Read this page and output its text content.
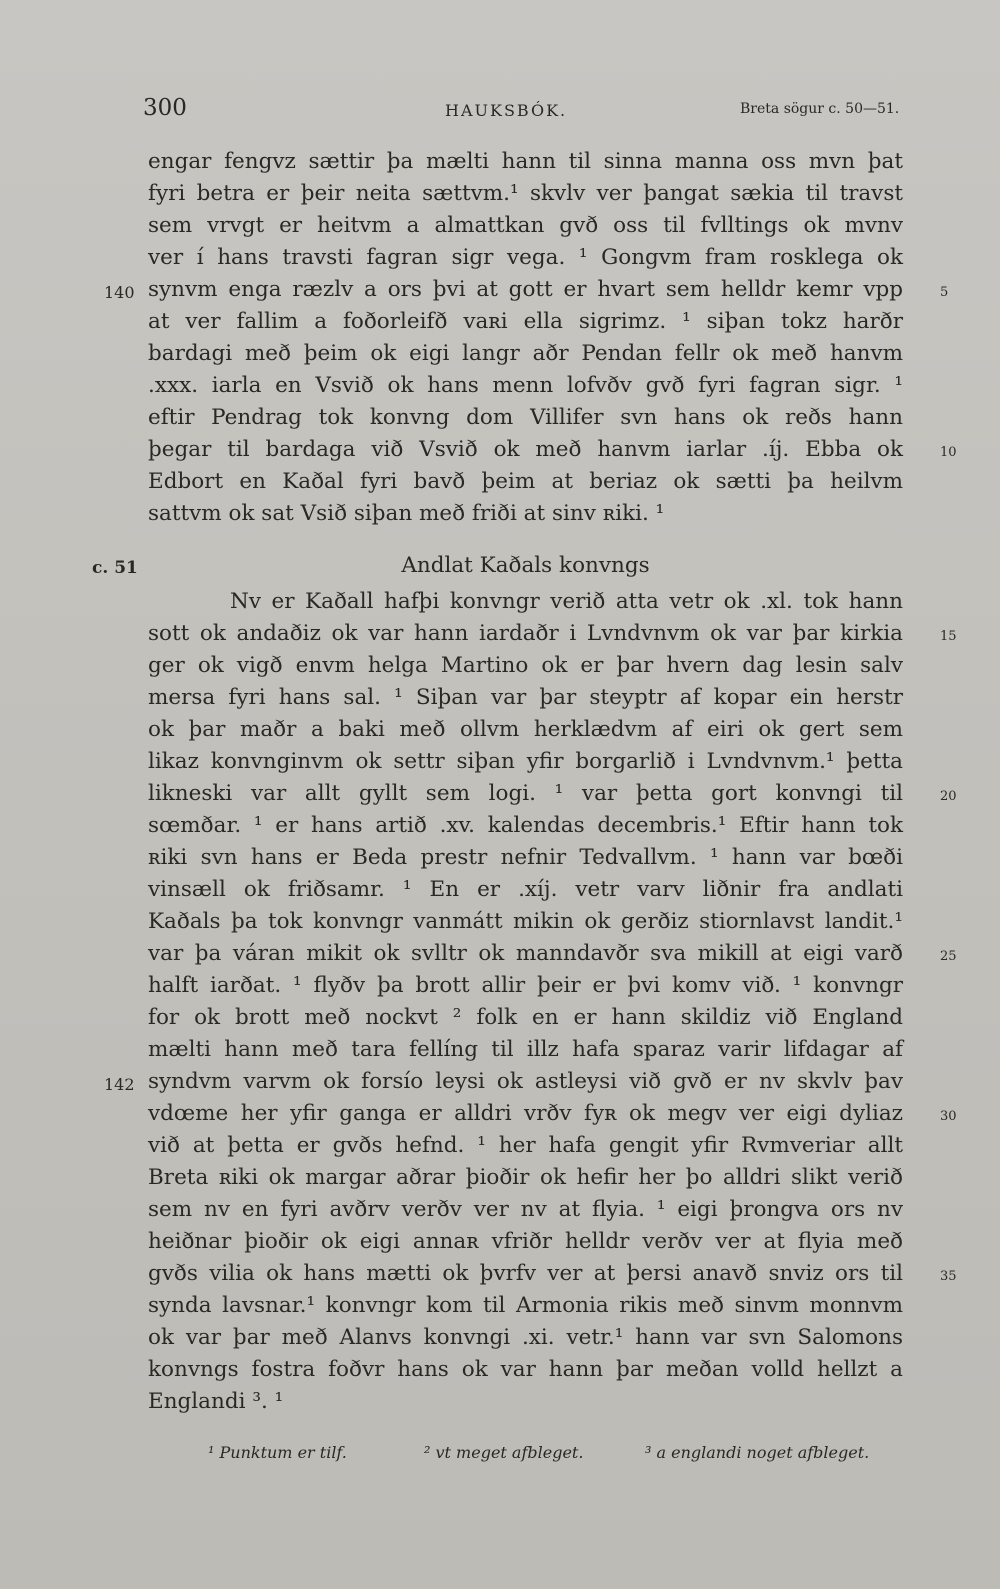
300	HAUKSBÓK.	Breta sögur c. 50—51.
engar fengvz sættir þa mælti hann til sinna manna oss mvn þat
fyri betra er þeir neita sættvm.¹ skvlv ver þangat sækia til travst
sem vrvgt er heitvm a almattkan gvð oss til fvlltings ok mvnv
ver í hans travsti fagran sigr vega. ¹ Gongvm fram rosklega ok
synvm enga ræzlv a ors þvi at gott er hvart sem helldr kemr vpp
at ver fallim a foðorleifð vaʀi ella sigrimz. ¹ siþan tokz harðr
bardagi með þeim ok eigi langr aðr Pendan fellr ok með hanvm
.xxx. iarla en Vsvið ok hans menn lofvðv gvð fyri fagran sigr. ¹
eftir Pendrag tok konvng dom Villifer svn hans ok reðs hann
þegar til bardaga við Vsvið ok með hanvm iarlar .íj. Ebba ok
Edbort en Kaðal fyri bavð þeim at beriaz ok sætti þa heilvm
sattvm ok sat Vsið siþan með friði at sinv ʀiki. ¹
c. 51	Andlat Kaðals konvngs
Nv er Kaðall hafþi konvngr verið atta vetr ok .xl. tok hann
sott ok andaðiz ok var hann iardaðr i Lvndvnvm ok var þar kirkia
ger ok vigð envm helga Martino ok er þar hvern dag lesin salv
mersa fyri hans sal. ¹ Siþan var þar steyptr af kopar ein herstr
ok þar maðr a baki með ollvm herklædvm af eiri ok gert sem
likaz konvnginvm ok settr siþan yfir borgarlið i Lvndvnvm.¹ þetta
likneski var allt gyllt sem logi. ¹ var þetta gort konvngi til
sœmðar. ¹ er hans artið .xv. kalendas decembris.¹ Eftir hann tok
ʀiki svn hans er Beda prestr nefnir Tedvallvm. ¹ hann var bœði
vinsæll ok friðsamr. ¹ En er .xíj. vetr varv liðnir fra andlati
Kaðals þa tok konvngr vanmátt mikin ok gerðiz stiornlavst landit.¹
var þa váran mikit ok svlltr ok manndavðr sva mikill at eigi varð
halft iarðat. ¹ flyðv þa brott allir þeir er þvi komv við. ¹ konvngr
for ok brott með nockvt ² folk en er hann skildiz við England
mælti hann með tara fellíng til illz hafa sparaz varir lifdagar af
syndvm varvm ok forsío leysi ok astleysi við gvð er nv skvlv þav
vdœme her yfir ganga er alldri vrðv fyʀ ok megv ver eigi dyliaz
við at þetta er gvðs hefnd. ¹ her hafa gengit yfir Rvmveriar allt
Breta ʀiki ok margar aðrar þioðir ok hefir her þo alldri slikt verið
sem nv en fyri avðrv verðv ver nv at flyia. ¹ eigi þrongva ors nv
heiðnar þioðir ok eigi annaʀ vfriðr helldr verðv ver at flyia með
gvðs vilia ok hans mætti ok þvrfv ver at þersi anavð snviz ors til
synda lavsnar.¹ konvngr kom til Armonia rikis með sinvm monnvm
ok var þar með Alanvs konvngi .xi. vetr.¹ hann var svn Salomons
konvngs fostra foðvr hans ok var hann þar meðan volld hellzt a
Englandi ³. ¹
140
142
5
10
15
20
25
30
35
¹ Punktum er tilf.	² vt meget afbleget.	³ a englandi noget afbleget.
